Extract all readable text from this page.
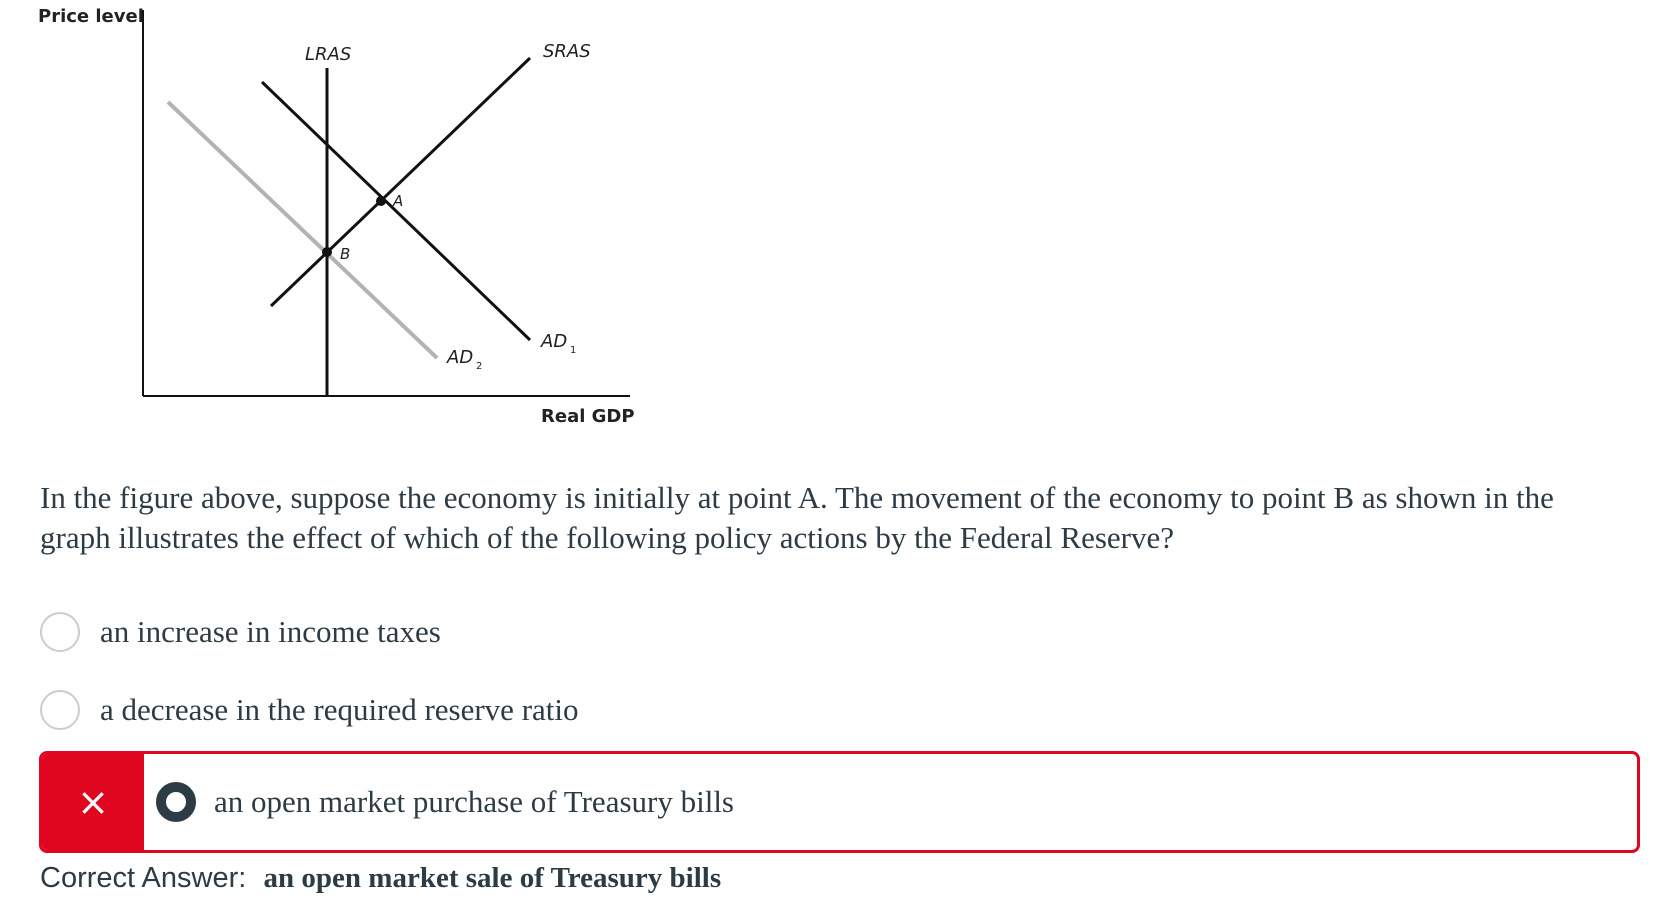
Price level
Real GDP
LRAS	SRAS
AD 1
AD 2
A
B
In the figure above, suppose the economy is initially at point A. The movement of the economy to point B as shown in the graph illustrates the effect of which of the following policy actions by the Federal Reserve?
an increase in income taxes
a decrease in the required reserve ratio
×	an open market purchase of Treasury bills
Correct Answer: an open market sale of Treasury bills
